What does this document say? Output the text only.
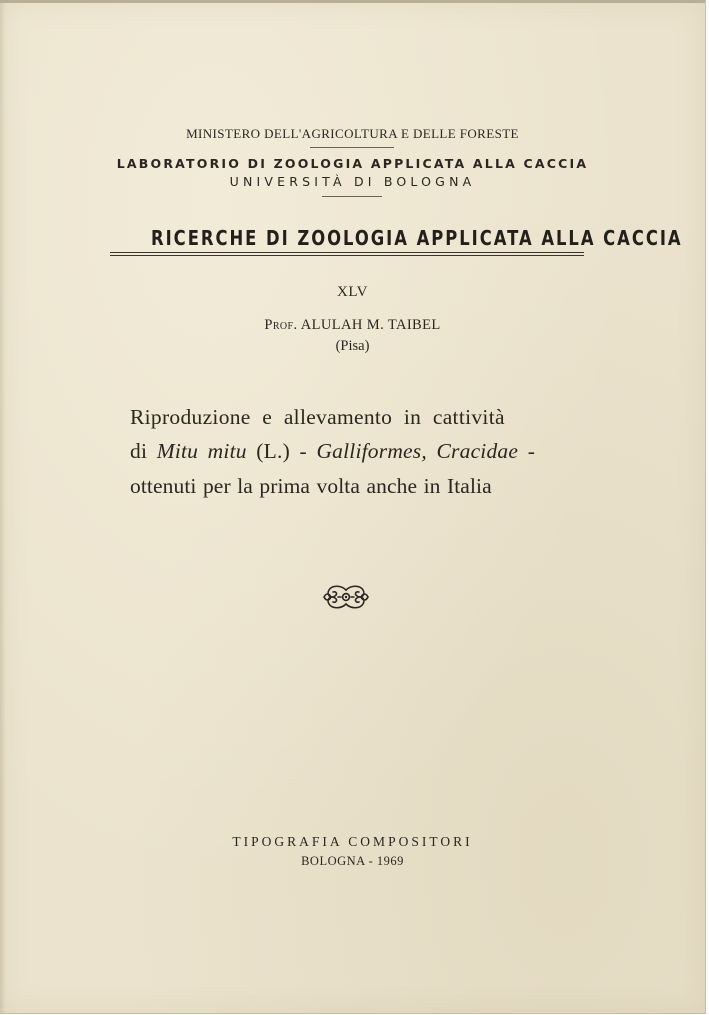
MINISTERO DELL'AGRICOLTURA E DELLE FORESTE
LABORATORIO DI ZOOLOGIA APPLICATA ALLA CACCIA
UNIVERSITÀ DI BOLOGNA
RICERCHE DI ZOOLOGIA APPLICATA ALLA CACCIA
XLV
Prof. ALULAH M. TAIBEL
(Pisa)
Riproduzione e allevamento in cattività
di Mitu mitu (L.) - Galliformes, Cracidae -
ottenuti per la prima volta anche in Italia
TIPOGRAFIA COMPOSITORI
BOLOGNA - 1969
